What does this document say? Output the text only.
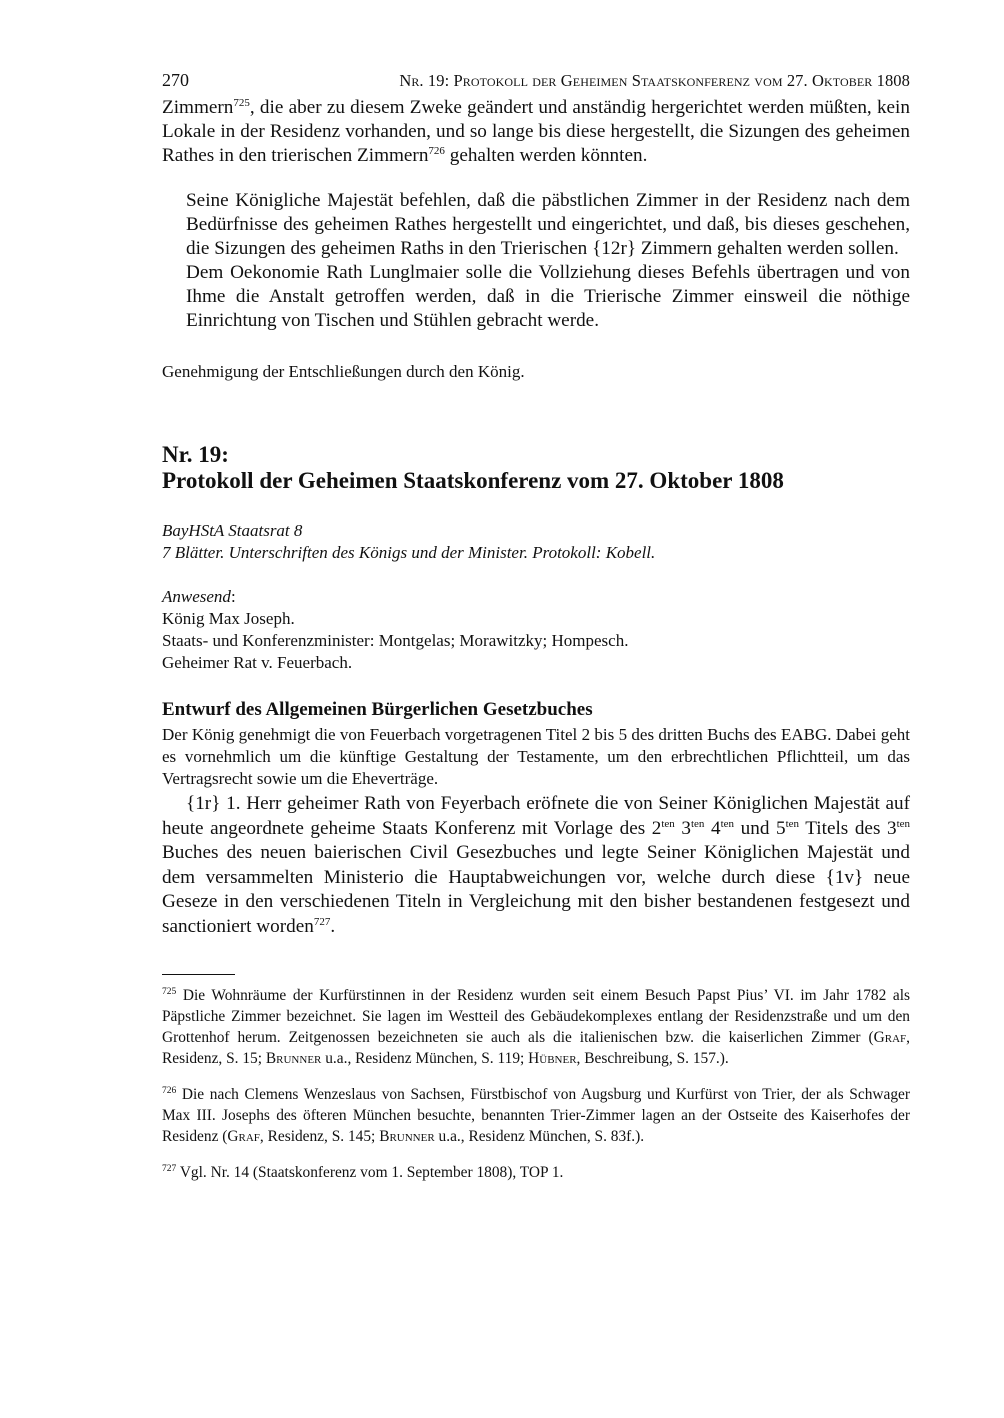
270	Nr. 19: Protokoll der Geheimen Staatskonferenz vom 27. Oktober 1808

Zimmern$^{725}$, die aber zu diesem Zweke geändert und anständig hergerichtet werden müßten, kein Lokale in der Residenz vorhanden, und so lange bis diese hergestellt, die Sizungen des geheimen Rathes in den trierischen Zimmern$^{726}$ gehalten werden könnten.

Seine Königliche Majestät befehlen, daß die päbstlichen Zimmer in der Residenz nach dem Bedürfnisse des geheimen Rathes hergestellt und eingerichtet, und daß, bis dieses geschehen, die Sizungen des geheimen Raths in den Trierischen {12r} Zimmern gehalten werden sollen.

Dem Oekonomie Rath Lunglmaier solle die Vollziehung dieses Befehls übertragen und von Ihme die Anstalt getroffen werden, daß in die Trierische Zimmer einsweil die nöthige Einrichtung von Tischen und Stühlen gebracht werde.

Genehmigung der Entschließungen durch den König.

Nr. 19:
Protokoll der Geheimen Staatskonferenz vom 27. Oktober 1808
BayHStA Staatsrat 8
7 Blätter. Unterschriften des Königs und der Minister. Protokoll: Kobell.
Anwesend:
König Max Joseph.
Staats- und Konferenzminister: Montgelas; Morawitzky; Hompesch.
Geheimer Rat v. Feuerbach.
Entwurf des Allgemeinen Bürgerlichen Gesetzbuches

Der König genehmigt die von Feuerbach vorgetragenen Titel 2 bis 5 des dritten Buchs des EABG. Dabei geht es vornehmlich um die künftige Gestaltung der Testamente, um den erbrechtlichen Pflichtteil, um das Vertragsrecht sowie um die Eheverträge.

{1r} 1. Herr geheimer Rath von Feyerbach eröfnete die von Seiner Königlichen Majestät auf heute angeordnete geheime Staats Konferenz mit Vorlage des $2^{ten}$ $3^{ten}$ $4^{ten}$ und $5^{ten}$ Titels des $3^{ten}$ Buches des neuen baierischen Civil Gesezbuches und legte Seiner Königlichen Majestät und dem versammelten Ministerio die Hauptabweichungen vor, welche durch diese {1v} neue Geseze in den verschiedenen Titeln in Vergleichung mit den bisher bestandenen festgesezt und sanctioniert worden$^{727}$.

$^{725}$ Die Wohnräume der Kurfürstinnen in der Residenz wurden seit einem Besuch Papst Pius’ VI. im Jahr 1782 als Päpstliche Zimmer bezeichnet. Sie lagen im Westteil des Gebäudekomplexes entlang der Residenzstraße und um den Grottenhof herum. Zeitgenossen bezeichneten sie auch als die italienischen bzw. die kaiserlichen Zimmer (Graf, Residenz, S. 15; Brunner u.a., Residenz München, S. 119; Hübner, Beschreibung, S. 157.).

$^{726}$ Die nach Clemens Wenzeslaus von Sachsen, Fürstbischof von Augsburg und Kurfürst von Trier, der als Schwager Max III. Josephs des öfteren München besuchte, benannten Trier-Zimmer lagen an der Ostseite des Kaiserhofes der Residenz (Graf, Residenz, S. 145; Brunner u.a., Residenz München, S. 83f.).

$^{727}$ Vgl. Nr. 14 (Staatskonferenz vom 1. September 1808), TOP 1.
